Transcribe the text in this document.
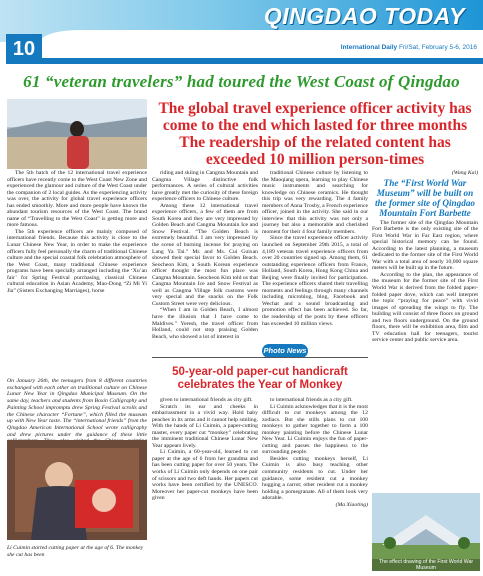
QINGDAO TODAY
10	International Daily Fri/Sat, February 5-6, 2016
61 “veteran travelers” had toured the West Coast of Qingdao
The global travel experience officer activity has come to the end which lasted for three months The readership of the related content has exceeded 10 million person-times

The 5th batch of the 12 international travel experience officers have recently come to the West Coast New Zone and experienced the glamour and culture of the West Coast under the companion of 2 local guides. As the experiencing activity was over, the activity for global travel experience officers has ended smoothly. More and more people have known the abundant tourism resources of the West Coast. The brand name of “Travelling to the West Coast” is getting more and more famous.

The 5th experience officers are mainly composed of international friends. Because this activity is close to the Lunar Chinese New Year, in order to make the experience officers fully feel personally the charm of traditional Chinese culture and the special coastal folk celebration atmosphere of the West Coast, many traditional Chinese experience programs have been specially arranged including the ‘Xu’an fair’ for Spring Festival purchasing, classical Chinese cultural education in Asian Academy, Mao-Dong “Zi Mi Yi Jia” (Sisters Exchanging Marriages), horse

riding and skiing in Cangma Mountain and Cangma Village distinctive folk performances. A series of cultural activities have greatly met the curiosity of these foreign experience officers to Chinese culture.

Among these 12 international travel experience officers, a few of them are from South Korea and they are very impressed by Golden Beach and Cangma Mountain Ice and Snow Festival. “The Golden Beach is extremely beautiful. I am very impressed by the scene of burning incense for praying on Lang Ya Tai.” Mr. and Ms. Cui Guixan showed their special favor to Golden Beach. Seocheon Kim, a South Korean experience officer thought the most fun place was Cangma Mountain. Seocheon Kim told us that Cangma Mountain Ice and Snow Festival as well as Cangma Village folk customs were very special and the snacks on the Folk Custom Street were very delicious.

“When I am in Golden Beach, I almost have the illusion that I have come to Maldives.” Yeresh, the travel officer from Holland, could not stop praising Golden Beach, who showed a lot of interest in

traditional Chinese culture by listening to the Maoqiang opera, learning to play Chinese music instruments and searching for knowledge on Chinese ceramics. He thought this trip was very rewarding. The 4 family members of Anna Trosby, a French experience officer, joined in the activity. She said in our interview that this activity was not only a journey but also a memorable and cherished moment for their 4 four family members.

Since the travel experience officer activity launched on September 29th 2015, a total of 4,189 veteran travel experience officers from over 20 countries signed up. Among them, 61 outstanding experience officers from France, Holland, South Korea, Hong Kong China and Beijing were finally invited for participation. The experience officers shared their travelling moments and feelings through many channels including microblog, blog, Facebook and Wechat and a sound broadcasting and promotion effect has been achieved. So far, the readership of the posts by these officers has exceeded 10 million views.

On January 26th, the teenagers from 8 different countries exchanged with each other on traditional culture on Chinese Lunar New Year in Qingdao Municipal Museum. On the same day, teachers and students from Boxin Calligraphy and Painting School impromptu drew Spring Festival scrolls and the Chinese character “Fortune”, which filled the museum up with New Year taste. The “international friends” from the Qingdao American International School wrote calligraphy and drew pictures under the guidance of these little
(Wang Kai)
The “First World War Museum” will be built on the former site of Qingdao Mountain Fort Barbette

The former site of the Qingdao Mountain Fort Barbette is the only existing site of the First World War in Far East region, where special historical memory can be found. According to the latest planning, a museum dedicated to the former site of the First World War with a total area of nearly 10,000 square meters will be built up in the future.

According to the plan, the appearance of the museum for the former site of the First World War is derived from the folded paper-folded paper dove, which can well interpret the topic “praying for peace” with vivid images of spreading the wings to fly. The building will consist of three floors on ground and two floors underground. On the ground floors, there will be exhibition area, film and TV education hall for teenagers, tourist service center and public service area.

Photo News
50-year-old paper-cut handicraft celebrates the Year of Monkey

given to international friends as city gift.

Scratch its ear and cheeks in embarrassment in a vivid way. Hold baby peaches in its arms and it cannot help smiling. With the hands of Li Cuimin, a paper-cutting master, every paper cut “monkey” celebrating the imminent traditional Chinese Lunar New Year appears lively.

Li Cuimin, a 60-year-old, learned to cut paper at the age of 6 from her grandma and has been cutting paper for over 50 years. The works of Li Cuimin only depends on one pair of scissors and two deft hands. Her papers cut works have been certified by the UNESCO. Moreover her paper-cut monkeys have been given

to international friends as a city gift.

Li Cuimin acknowledges that it is the most difficult to cut monkeys among the 12 zodiacs. But she stills plans to cut 100 monkeys to gather together to form a 100 monkey painting before the Chinese Lunar New Year. Li Cuimin enjoys the fun of paper-cutting and passes the happiness to the surrounding people.

Besides cutting monkeys herself, Li Cuimin is also busy teaching other community residents to cut. Under her guidance, some resident cut a monkey hugging a carrot; other resident cut a monkey holding a pomegranate. All of them look very adorable.

(Ma Xiaoting)
Li Cuimin started cutting paper at the age of 6. The monkey she cut has been
The effect drawing of the First World War Museum
